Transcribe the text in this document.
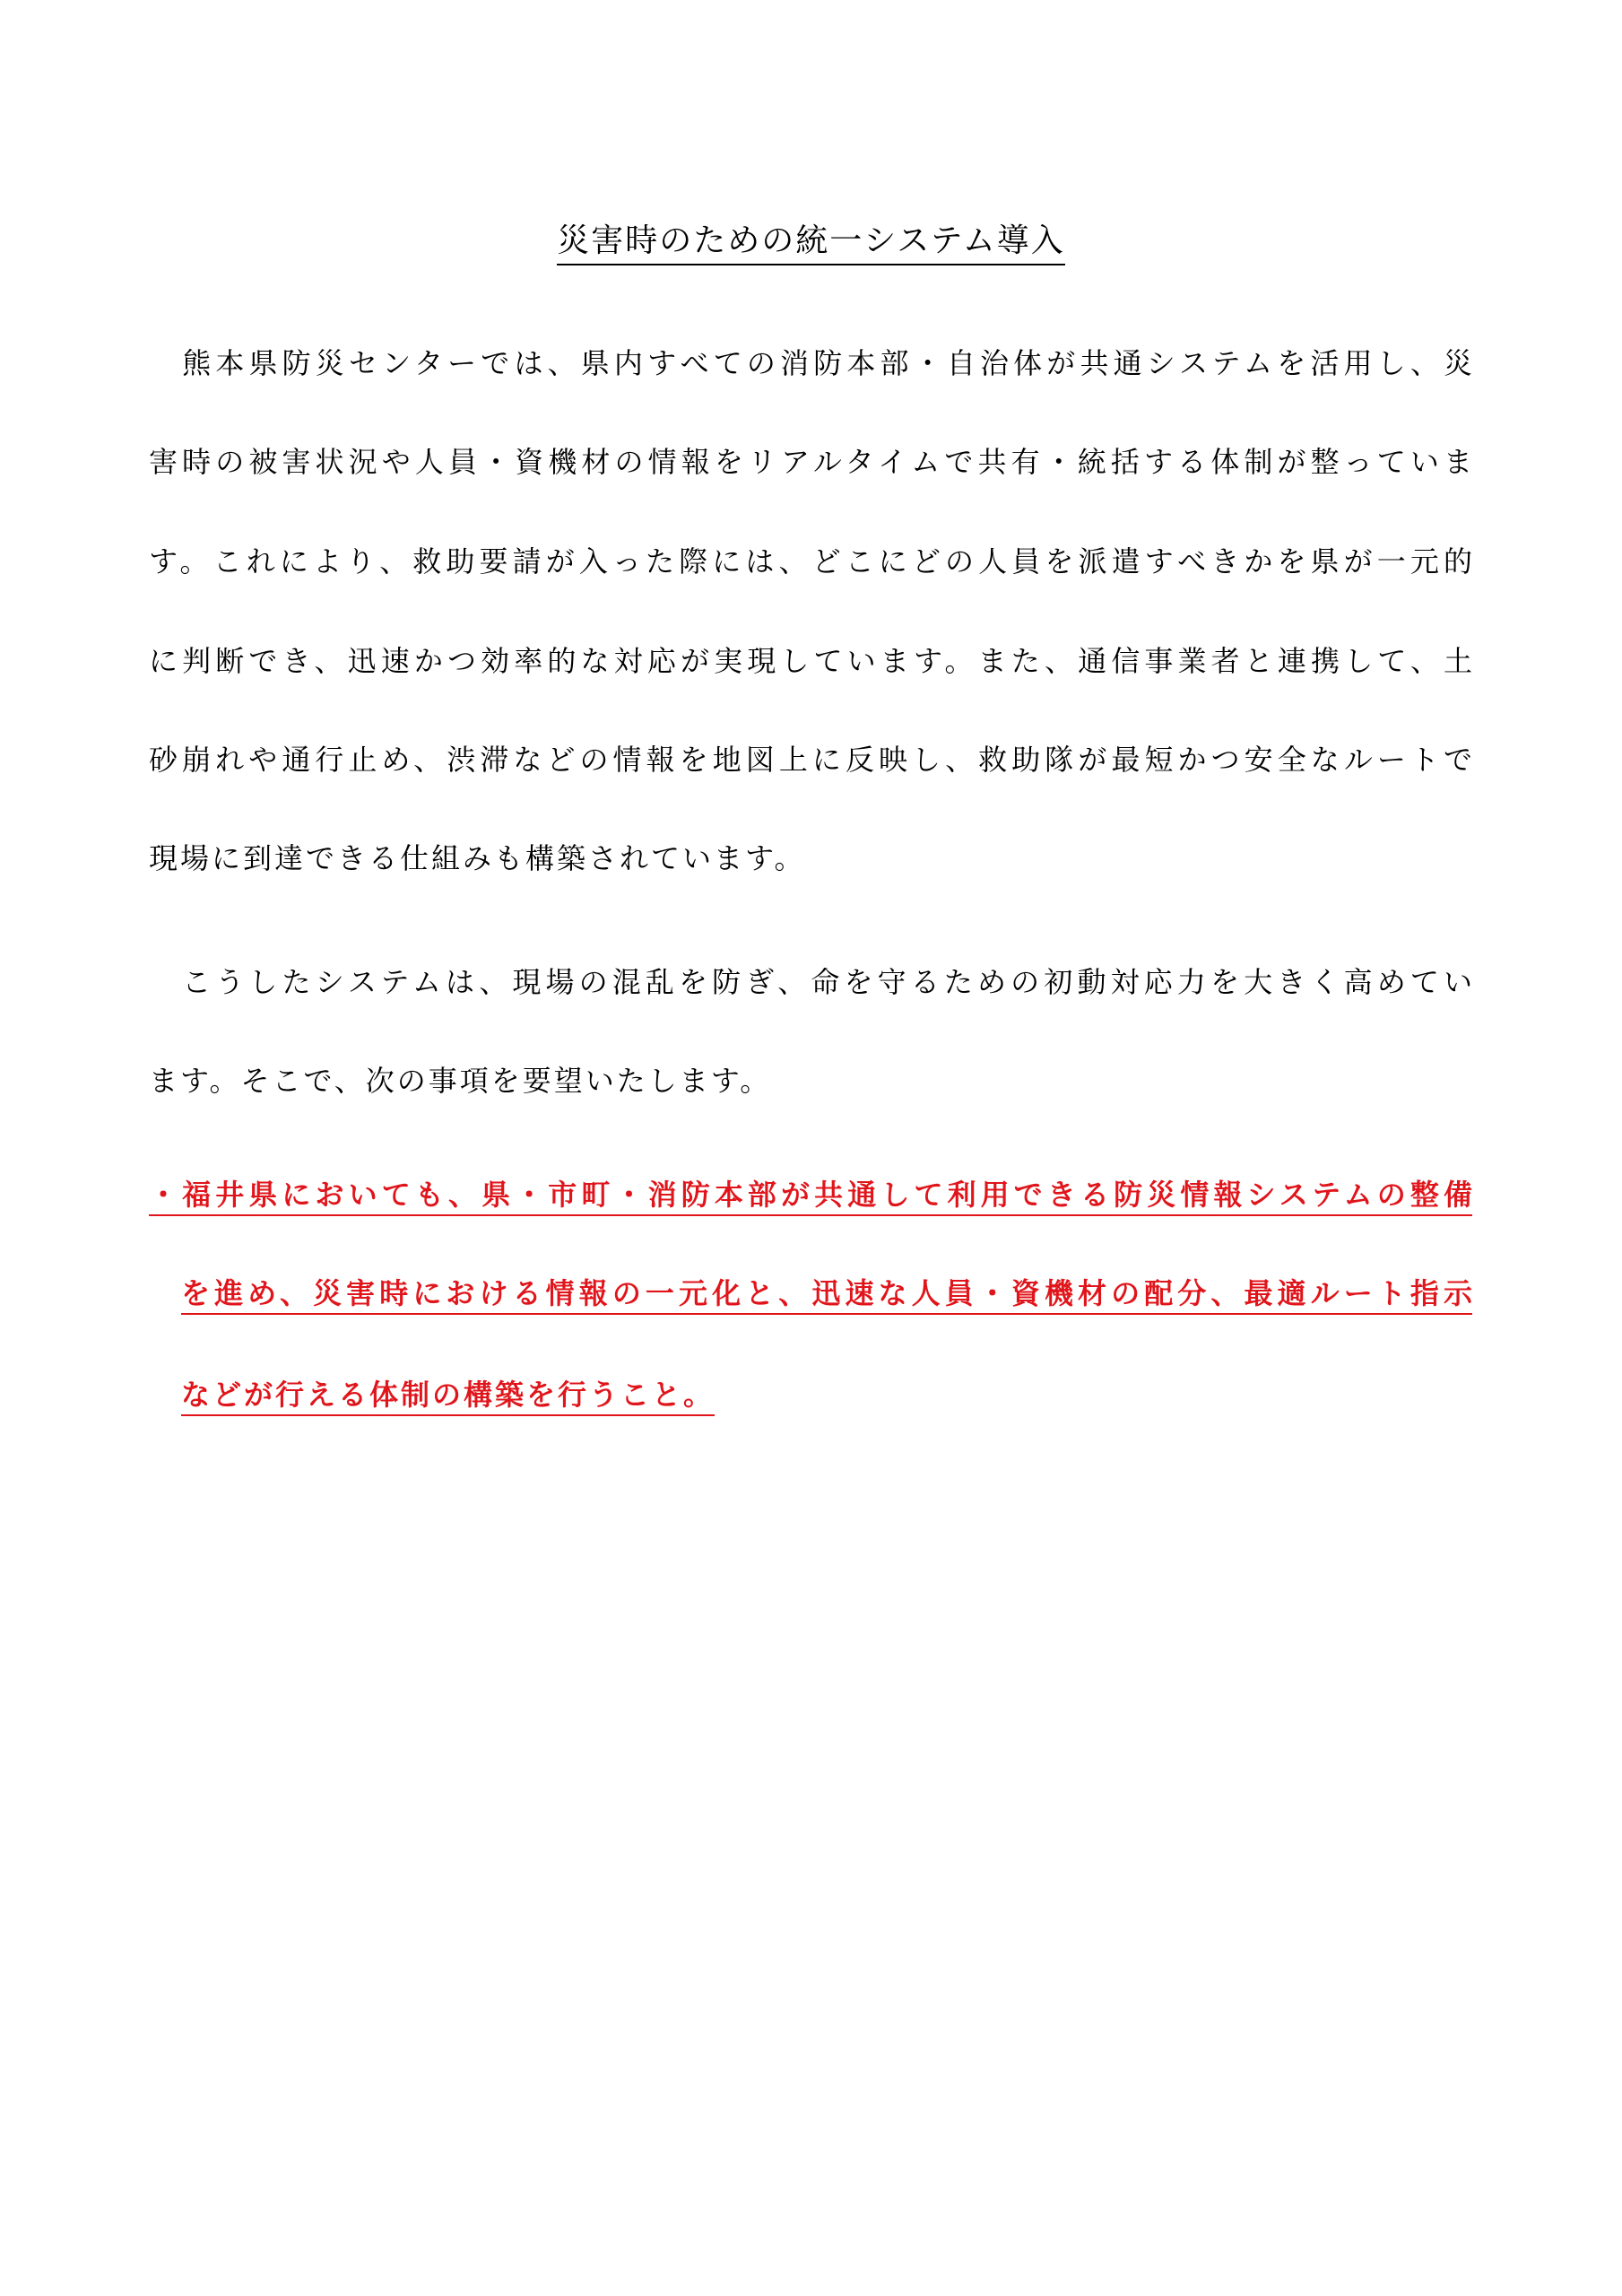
災害時のための統一システム導入
　熊本県防災センターでは、県内すべての消防本部・自治体が共通システムを活用し、災
害時の被害状況や人員・資機材の情報をリアルタイムで共有・統括する体制が整っていま
す。これにより、救助要請が入った際には、どこにどの人員を派遣すべきかを県が一元的
に判断でき、迅速かつ効率的な対応が実現しています。また、通信事業者と連携して、土
砂崩れや通行止め、渋滞などの情報を地図上に反映し、救助隊が最短かつ安全なルートで
現場に到達できる仕組みも構築されています。
　こうしたシステムは、現場の混乱を防ぎ、命を守るための初動対応力を大きく高めてい
ます。そこで、次の事項を要望いたします。
・福井県においても、県・市町・消防本部が共通して利用できる防災情報システムの整備
を進め、災害時における情報の一元化と、迅速な人員・資機材の配分、最適ルート指示
などが行える体制の構築を行うこと。
